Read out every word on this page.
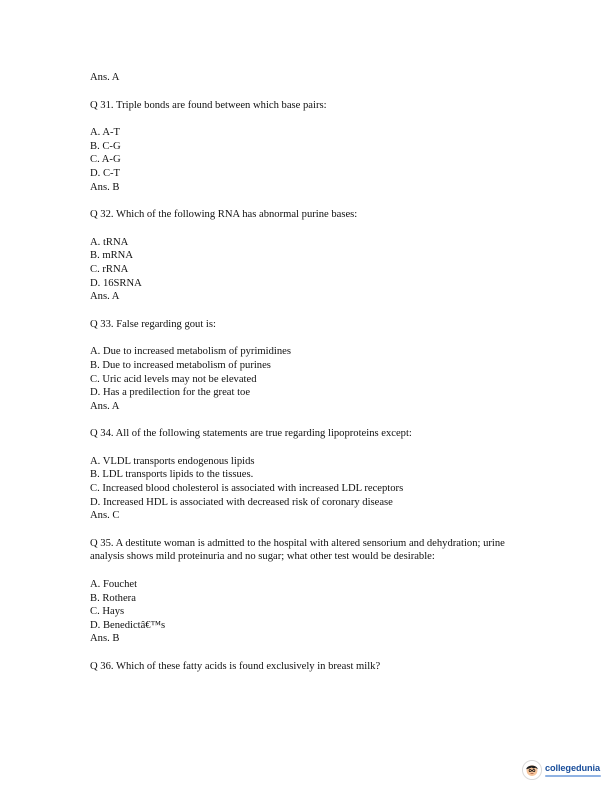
Ans. A
Q 31. Triple bonds are found between which base pairs:
A. A-T
B. C-G
C. A-G
D. C-T
Ans. B
Q 32. Which of the following RNA has abnormal purine bases:
A. tRNA
B. mRNA
C. rRNA
D. 16SRNA
Ans. A
Q 33. False regarding gout is:
A. Due to increased metabolism of pyrimidines
B. Due to increased metabolism of purines
C. Uric acid levels may not be elevated
D. Has a predilection for the great toe
Ans. A
Q 34. All of the following statements are true regarding lipoproteins except:
A. VLDL transports endogenous lipids
B. LDL transports lipids to the tissues.
C. Increased blood cholesterol is associated with increased LDL receptors
D. Increased HDL is associated with decreased risk of coronary disease
Ans. C
Q 35. A destitute woman is admitted to the hospital with altered sensorium and dehydration; urine analysis shows mild proteinuria and no sugar; what other test would be desirable:
A. Fouchet
B. Rothera
C. Hays
D. Benedictâ€™s
Ans. B
Q 36. Which of these fatty acids is found exclusively in breast milk?
collegedunia
